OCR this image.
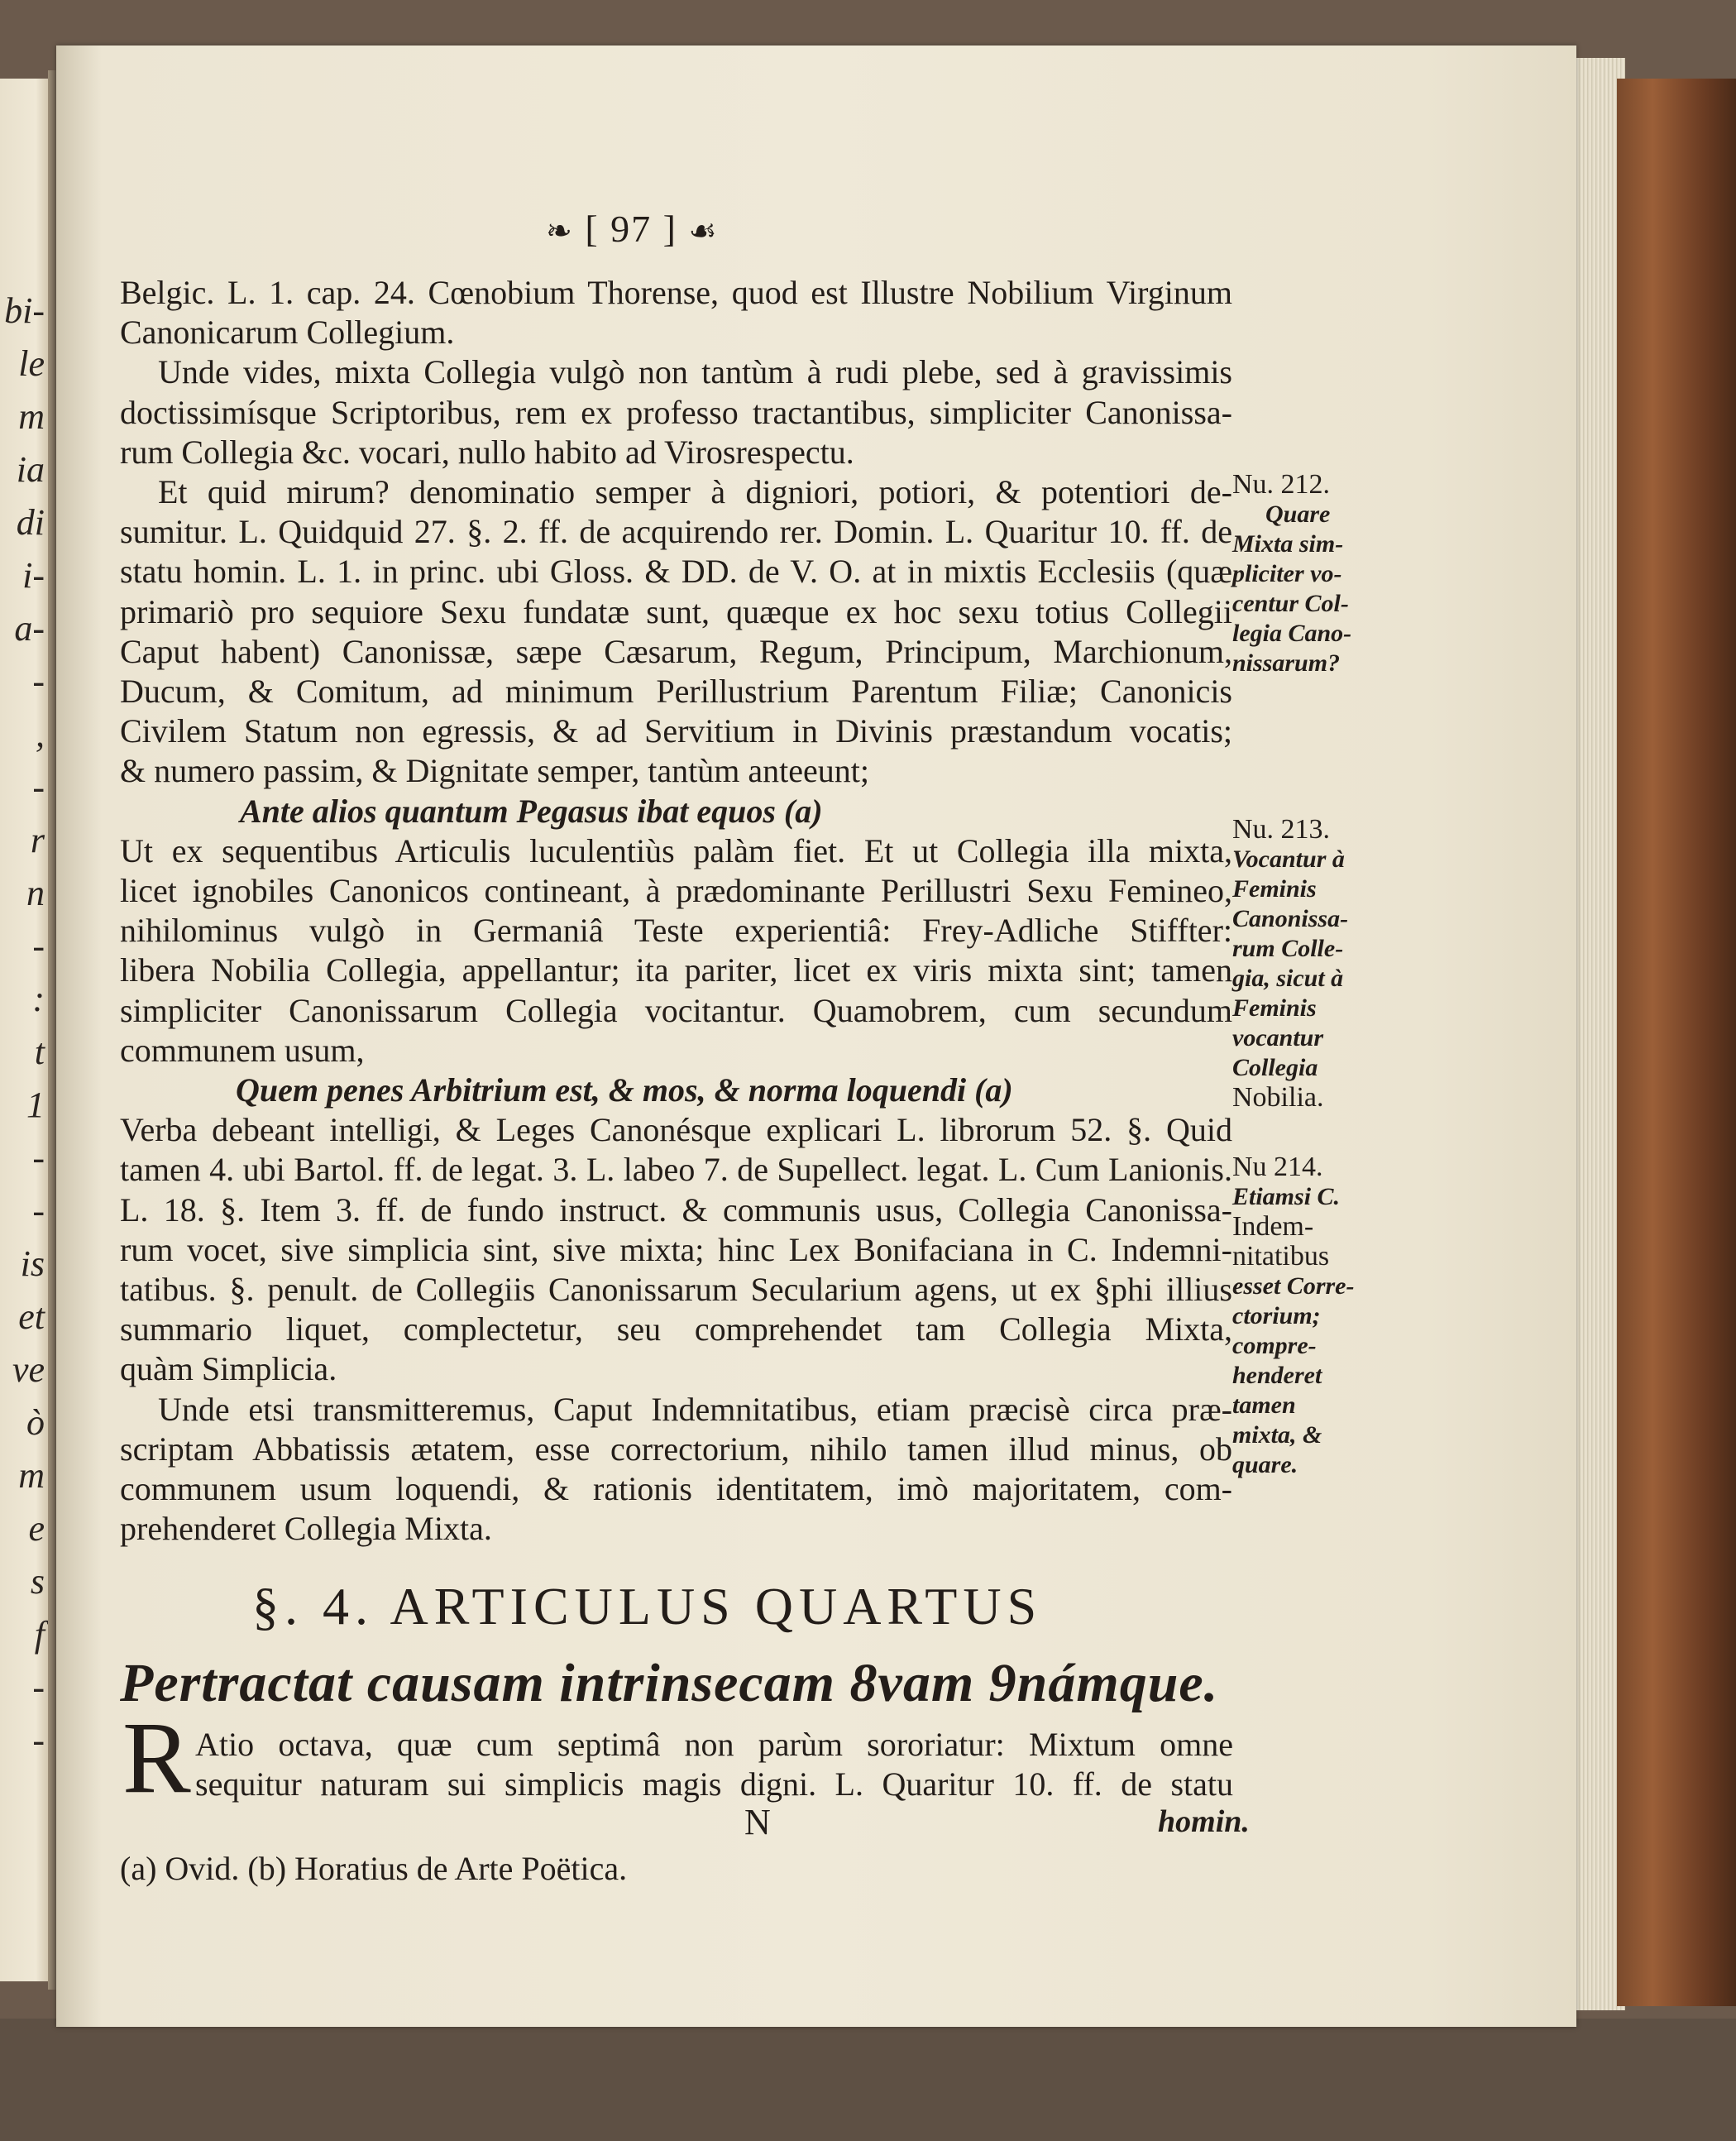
bi-
le
m
ia
di
i-
a-
-
,
-
r
n
-
:
t
1
-
-
is
et
ve
ò
m
e
s
f
-
-
❧ [ 97 ] ☙

Belgic. L. 1. cap. 24. Cœnobium Thorense, quod est Illustre Nobilium Virginum

Canonicarum Collegium.

Unde vides, mixta Collegia vulgò non tantùm à rudi plebe, sed à gravissimis

doctissimísque Scriptoribus, rem ex professo tractantibus, simpliciter Canonissa-

rum Collegia &c. vocari, nullo habito ad Virosrespectu.

Et quid mirum? denominatio semper à digniori, potiori, & potentiori de-

sumitur. L. Quidquid 27. §. 2. ff. de acquirendo rer. Domin. L. Quaritur 10. ff. de

statu homin. L. 1. in princ. ubi Gloss. & DD. de V. O. at in mixtis Ecclesiis (quæ

primariò pro sequiore Sexu fundatæ sunt, quæque ex hoc sexu totius Collegii

Caput habent) Canonissæ, sæpe Cæsarum, Regum, Principum, Marchionum,

Ducum, & Comitum, ad minimum Perillustrium Parentum Filiæ; Canonicis

Civilem Statum non egressis, & ad Servitium in Divinis præstandum vocatis;

& numero passim, & Dignitate semper, tantùm anteeunt;

Ante alios quantum Pegasus ibat equos (a)

Ut ex sequentibus Articulis luculentiùs palàm fiet. Et ut Collegia illa mixta,

licet ignobiles Canonicos contineant, à prædominante Perillustri Sexu Femineo,

nihilominus vulgò in Germaniâ Teste experientiâ: Frey-Adliche Stiffter:

libera Nobilia Collegia, appellantur; ita pariter, licet ex viris mixta sint; tamen

simpliciter Canonissarum Collegia vocitantur. Quamobrem, cum secundum

communem usum,

Quem penes Arbitrium est, & mos, & norma loquendi (a)

Verba debeant intelligi, & Leges Canonésque explicari L. librorum 52. §. Quid

tamen 4. ubi Bartol. ff. de legat. 3. L. labeo 7. de Supellect. legat. L. Cum Lanionis.

L. 18. §. Item 3. ff. de fundo instruct. & communis usus, Collegia Canonissa-

rum vocet, sive simplicia sint, sive mixta; hinc Lex Bonifaciana in C. Indemni-

tatibus. §. penult. de Collegiis Canonissarum Secularium agens, ut ex §phi illius

summario liquet, complectetur, seu comprehendet tam Collegia Mixta,

quàm Simplicia.

Unde etsi transmitteremus, Caput Indemnitatibus, etiam præcisè circa præ-

scriptam Abbatissis ætatem, esse correctorium, nihilo tamen illud minus, ob

communem usum loquendi, & rationis identitatem, imò majoritatem, com-

prehenderet Collegia Mixta.

Nu. 212.
Quare
Mixta sim-
pliciter vo-
centur Col-
legia Cano-
nissarum?
Nu. 213.
Vocantur à
Feminis
Canonissa-
rum Colle-
gia, sicut à
Feminis
vocantur
Collegia
Nobilia.
Nu 214.
Etiamsi C.
Indem-
nitatibus
esset Corre-
ctorium;
compre-
henderet
tamen
mixta, &
quare.
§. 4. ARTICULUS QUARTUS
Pertractat causam intrinsecam 8vam 9námque.
R Atio octava, quæ cum septimâ non parùm sororiatur: Mixtum omne

sequitur naturam sui simplicis magis digni. L. Quaritur 10. ff. de statu

N	homin.
(a) Ovid. (b) Horatius de Arte Poëtica.
